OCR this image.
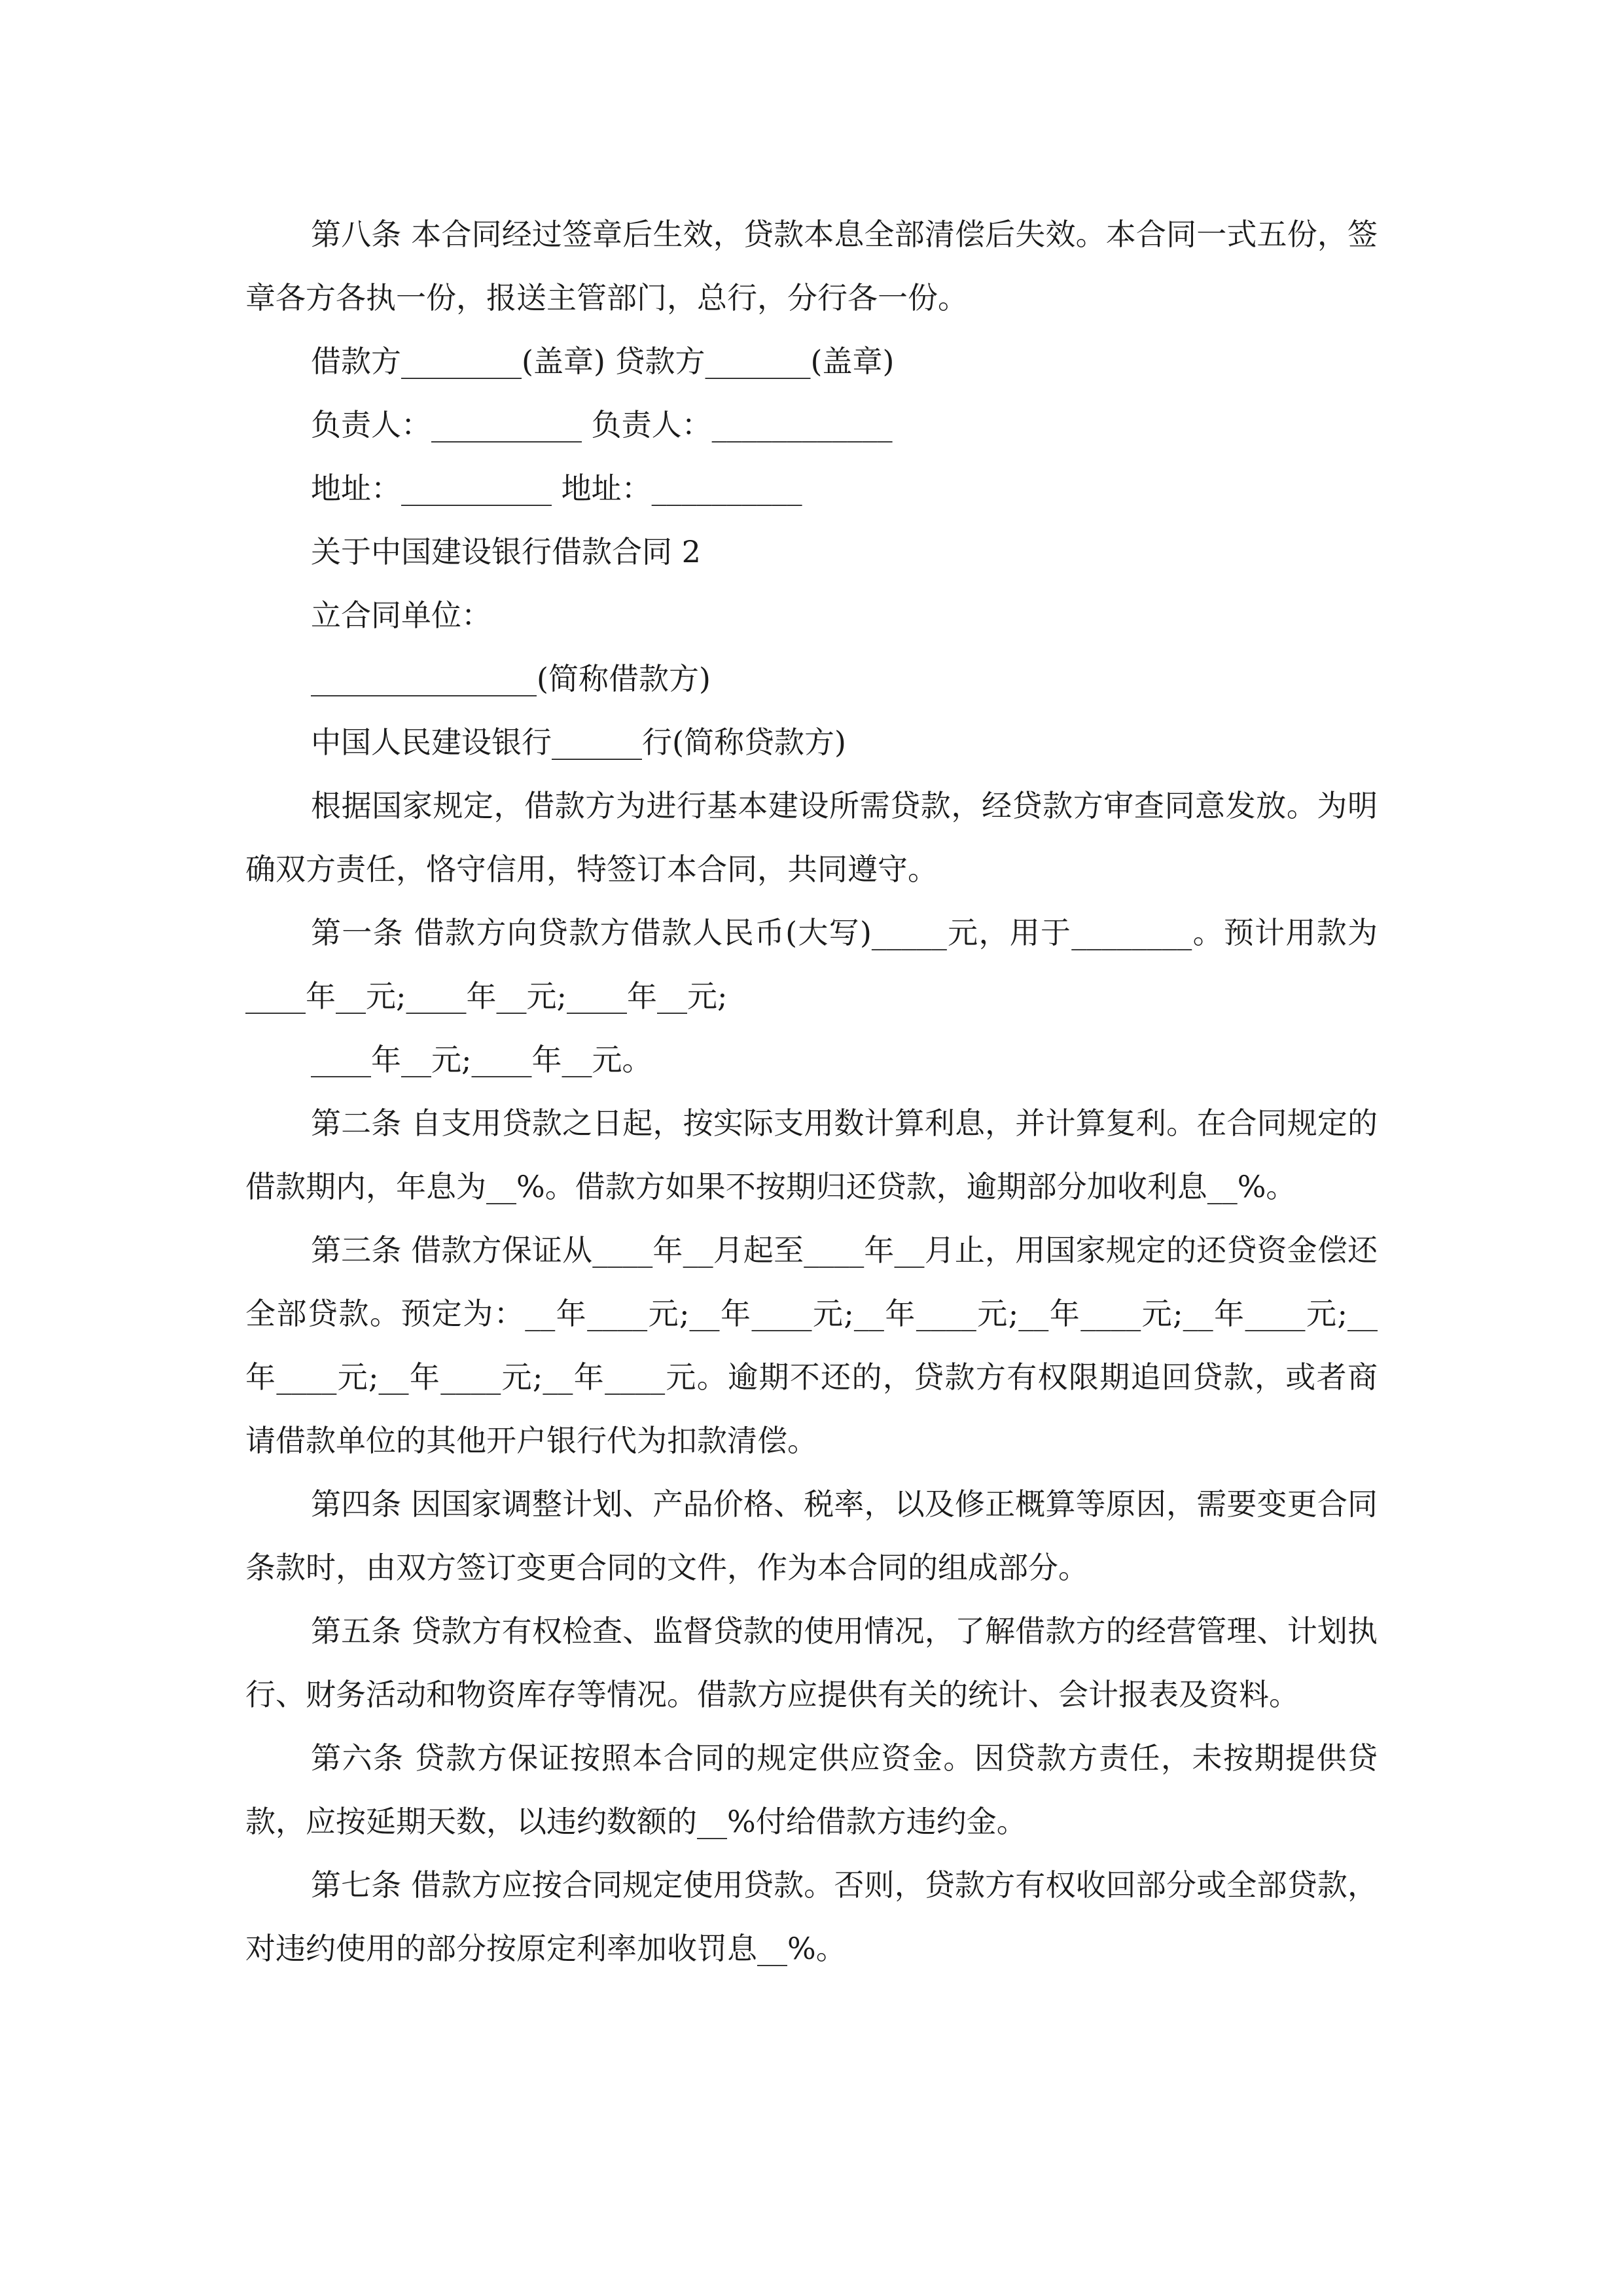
第八条 本合同经过签章后生效，贷款本息全部清偿后失效。本合同一式五份，签章各方各执一份，报送主管部门，总行，分行各一份。

借款方________(盖章) 贷款方_______(盖章)

负责人：__________ 负责人：____________

地址：__________ 地址：__________

关于中国建设银行借款合同 2

立合同单位：

_______________(简称借款方)

中国人民建设银行______行(简称贷款方)

根据国家规定，借款方为进行基本建设所需贷款，经贷款方审查同意发放。为明确双方责任，恪守信用，特签订本合同，共同遵守。

第一条 借款方向贷款方借款人民币(大写)_____元，用于________。预计用款为____年__元;____年__元;____年__元;

____年__元;____年__元。

第二条 自支用贷款之日起，按实际支用数计算利息，并计算复利。在合同规定的借款期内，年息为__%。借款方如果不按期归还贷款，逾期部分加收利息__%。

第三条 借款方保证从____年__月起至____年__月止，用国家规定的还贷资金偿还全部贷款。预定为：__年____元;__年____元;__年____元;__年____元;__年____元;__年____元;__年____元;__年____元。逾期不还的，贷款方有权限期追回贷款，或者商请借款单位的其他开户银行代为扣款清偿。

第四条 因国家调整计划、产品价格、税率，以及修正概算等原因，需要变更合同条款时，由双方签订变更合同的文件，作为本合同的组成部分。

第五条 贷款方有权检查、监督贷款的使用情况，了解借款方的经营管理、计划执行、财务活动和物资库存等情况。借款方应提供有关的统计、会计报表及资料。

第六条 贷款方保证按照本合同的规定供应资金。因贷款方责任，未按期提供贷款，应按延期天数，以违约数额的__%付给借款方违约金。

第七条 借款方应按合同规定使用贷款。否则，贷款方有权收回部分或全部贷款，对违约使用的部分按原定利率加收罚息__%。
